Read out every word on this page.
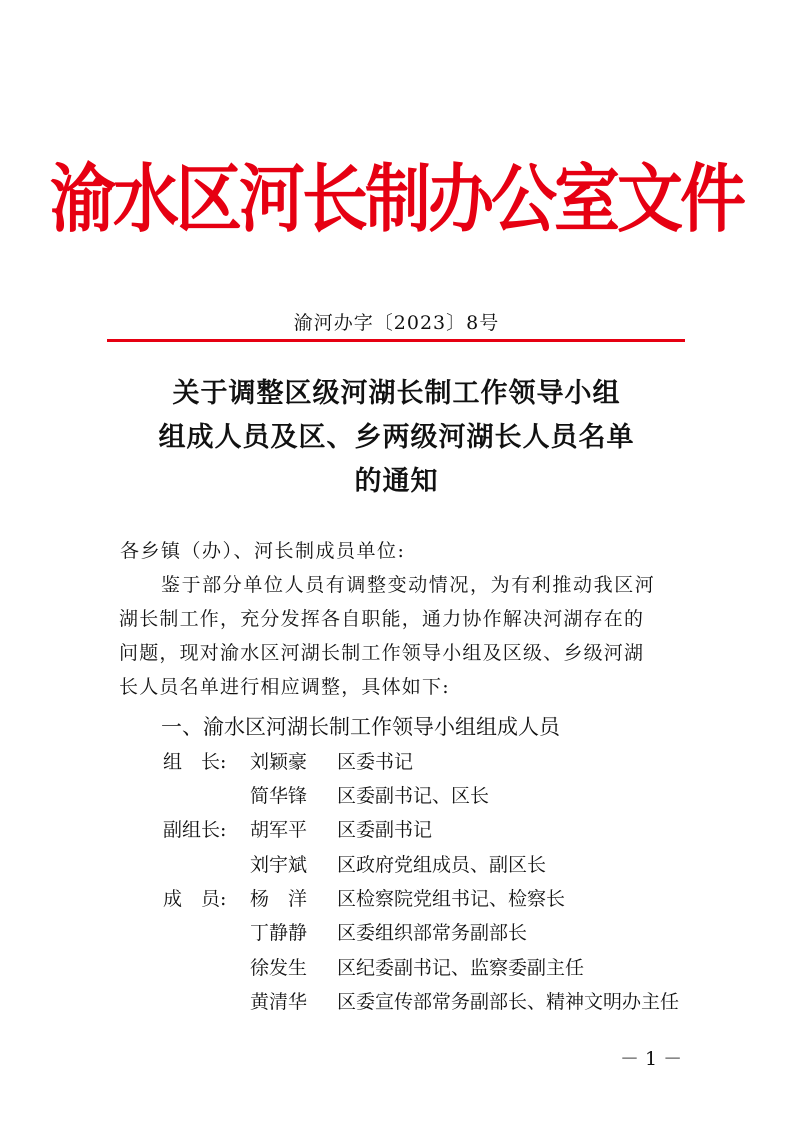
渝水区河长制办公室文件
渝河办字〔2023〕8号
关于调整区级河湖长制工作领导小组
组成人员及区、乡两级河湖长人员名单
的通知
各乡镇（办）、河长制成员单位:
鉴于部分单位人员有调整变动情况，为有利推动我区河
湖长制工作，充分发挥各自职能，通力协作解决河湖存在的
问题，现对渝水区河湖长制工作领导小组及区级、乡级河湖
长人员名单进行相应调整，具体如下:
一、渝水区河湖长制工作领导小组组成人员
组　长: 刘颖豪 区委书记
简华锋 区委副书记、区长
副组长: 胡军平 区委副书记
刘宇斌 区政府党组成员、副区长
成　员: 杨　洋 区检察院党组书记、检察长
丁静静 区委组织部常务副部长
徐发生 区纪委副书记、监察委副主任
黄清华 区委宣传部常务副部长、精神文明办主任
－ 1 －
